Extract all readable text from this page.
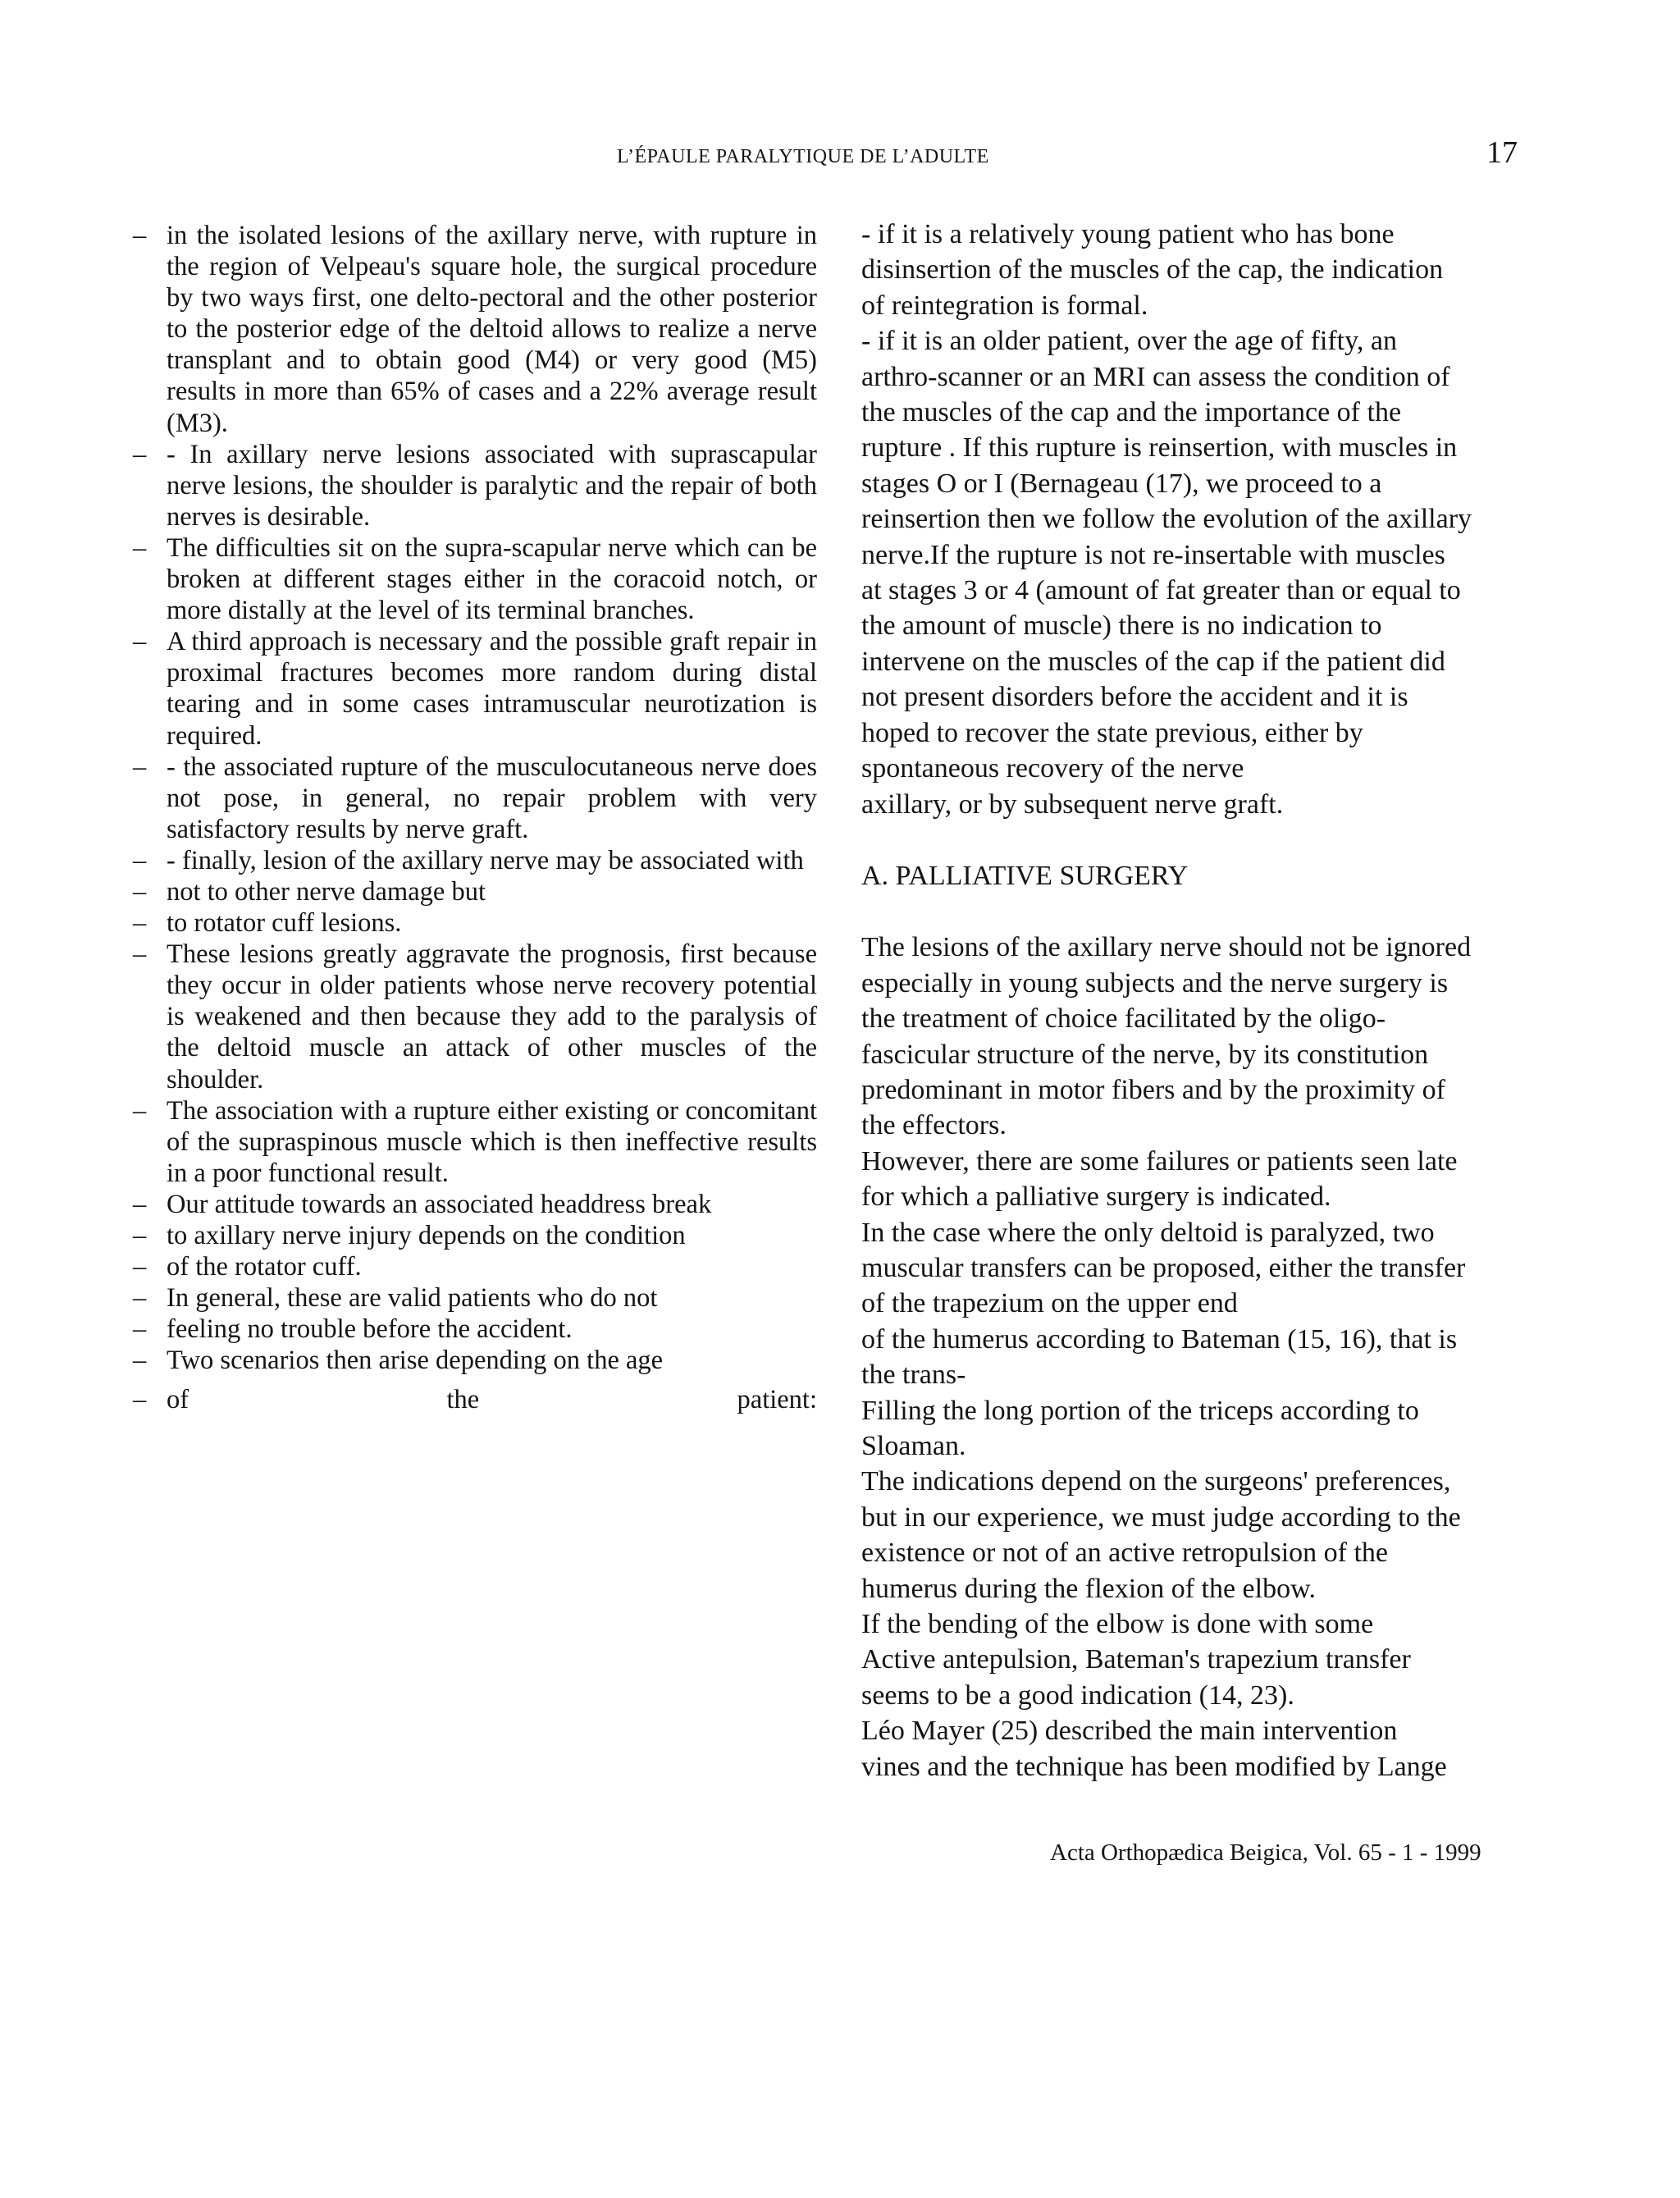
L’ÉPAULE PARALYTIQUE DE L’ADULTE	17

– in the isolated lesions of the axillary nerve, with rupture in the region of Velpeau's square hole, the surgical procedure by two ways first, one delto-pectoral and the other posterior to the posterior edge of the deltoid allows to realize a nerve transplant and to obtain good (M4) or very good (M5) results in more than 65% of cases and a 22% average result (M3).

– - In axillary nerve lesions associated with suprascapular nerve lesions, the shoulder is paralytic and the repair of both nerves is desirable.

– The difficulties sit on the supra-scapular nerve which can be broken at different stages either in the coracoid notch, or more distally at the level of its terminal branches.

– A third approach is necessary and the possible graft repair in proximal fractures becomes more random during distal tearing and in some cases intramuscular neurotization is required.

– - the associated rupture of the musculocutaneous nerve does not pose, in general, no repair problem with very satisfactory results by nerve graft.

– - finally, lesion of the axillary nerve may be associated with

– not to other nerve damage but

– to rotator cuff lesions.

– These lesions greatly aggravate the prognosis, first because they occur in older patients whose nerve recovery potential is weakened and then because they add to the paralysis of the deltoid muscle an attack of other muscles of the shoulder.

– The association with a rupture either existing or concomitant of the supraspinous muscle which is then ineffective results in a poor functional result.

– Our attitude towards an associated headdress break

– to axillary nerve injury depends on the condition

– of the rotator cuff.

– In general, these are valid patients who do not

– feeling no trouble before the accident.

– Two scenarios then arise depending on the age

– of	the	patient:

- if it is a relatively young patient who has bone

disinsertion of the muscles of the cap, the indication

of reintegration is formal.

- if it is an older patient, over the age of fifty, an

arthro-scanner or an MRI can assess the condition of

the muscles of the cap and the importance of the

rupture . If this rupture is reinsertion, with muscles in

stages O or I (Bernageau (17), we proceed to a

reinsertion then we follow the evolution of the axillary

nerve.If the rupture is not re-insertable with muscles

at stages 3 or 4 (amount of fat greater than or equal to

the amount of muscle) there is no indication to

intervene on the muscles of the cap if the patient did

not present disorders before the accident and it is

hoped to recover the state previous, either by

spontaneous recovery of the nerve

axillary, or by subsequent nerve graft.

A. PALLIATIVE SURGERY

The lesions of the axillary nerve should not be ignored

especially in young subjects and the nerve surgery is

the treatment of choice facilitated by the oligo-

fascicular structure of the nerve, by its constitution

predominant in motor fibers and by the proximity of

the effectors.

However, there are some failures or patients seen late

for which a palliative surgery is indicated.

In the case where the only deltoid is paralyzed, two

muscular transfers can be proposed, either the transfer

of the trapezium on the upper end

of the humerus according to Bateman (15, 16), that is

the trans-

Filling the long portion of the triceps according to

Sloaman.

The indications depend on the surgeons' preferences,

but in our experience, we must judge according to the

existence or not of an active retropulsion of the

humerus during the flexion of the elbow.

If the bending of the elbow is done with some

Active antepulsion, Bateman's trapezium transfer

seems to be a good indication (14, 23).

Léo Mayer (25) described the main intervention

vines and the technique has been modified by Lange

Acta Orthopædica Beigica, Vol. 65 - 1 - 1999
